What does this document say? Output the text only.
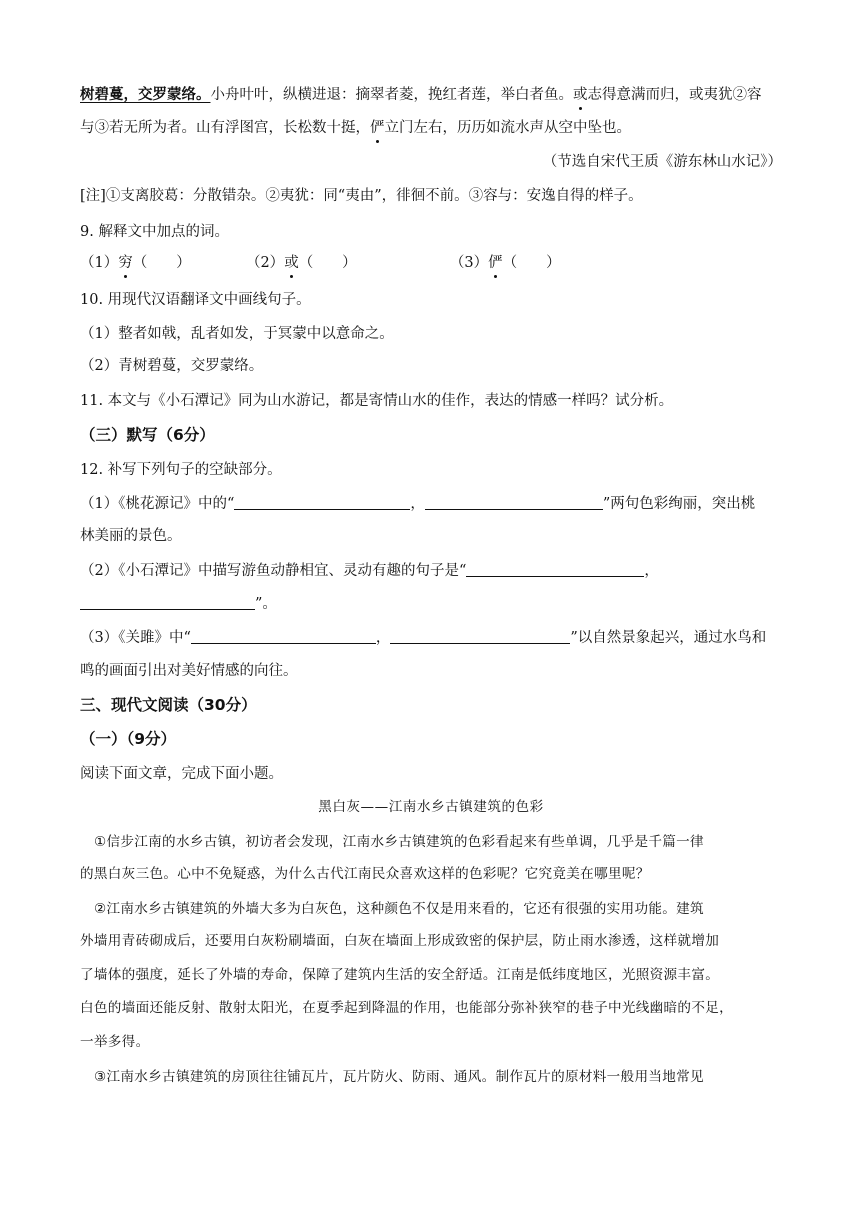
树碧蔓，交罗蒙络。小舟叶叶，纵横进退：摘翠者菱，挽红者莲，举白者鱼。或志得意满而归，或夷犹②容
与③若无所为者。山有浮图宫，长松数十挺，俨立门左右，历历如流水声从空中坠也。
（节选自宋代王质《游东林山水记》）
[注]①支离胶葛：分散错杂。②夷犹：同“夷由”，徘徊不前。③容与：安逸自得的样子。
9. 解释文中加点的词。
（1）穷（　　）	（2）或（　　）	（3）俨（　　）
10. 用现代汉语翻译文中画线句子。
（1）整者如戟，乱者如发，于冥蒙中以意命之。
（2）青树碧蔓，交罗蒙络。
11. 本文与《小石潭记》同为山水游记，都是寄情山水的佳作，表达的情感一样吗？试分析。
（三）默写（6分）
12. 补写下列句子的空缺部分。
（1）《桃花源记》中的“	，	”两句色彩绚丽，突出桃
林美丽的景色。
（2）《小石潭记》中描写游鱼动静相宜、灵动有趣的句子是“	，
”。
（3）《关雎》中“	，	”以自然景象起兴，通过水鸟和
鸣的画面引出对美好情感的向往。
三、现代文阅读（30分）
（一）（9分）
阅读下面文章，完成下面小题。
黑白灰——江南水乡古镇建筑的色彩
①信步江南的水乡古镇，初访者会发现，江南水乡古镇建筑的色彩看起来有些单调，几乎是千篇一律
的黑白灰三色。心中不免疑惑，为什么古代江南民众喜欢这样的色彩呢？它究竟美在哪里呢？
②江南水乡古镇建筑的外墙大多为白灰色，这种颜色不仅是用来看的，它还有很强的实用功能。建筑
外墙用青砖砌成后，还要用白灰粉刷墙面，白灰在墙面上形成致密的保护层，防止雨水渗透，这样就增加
了墙体的强度，延长了外墙的寿命，保障了建筑内生活的安全舒适。江南是低纬度地区，光照资源丰富。
白色的墙面还能反射、散射太阳光，在夏季起到降温的作用，也能部分弥补狭窄的巷子中光线幽暗的不足，
一举多得。
③江南水乡古镇建筑的房顶往往铺瓦片，瓦片防火、防雨、通风。制作瓦片的原材料一般用当地常见
